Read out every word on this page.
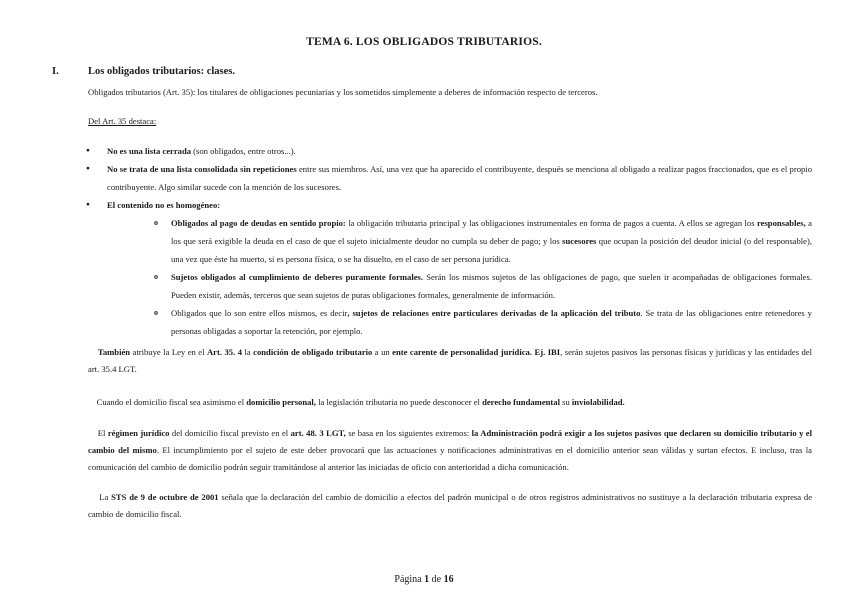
TEMA 6. LOS OBLIGADOS TRIBUTARIOS.
I.	Los obligados tributarios: clases.
Obligados tributarios (Art. 35): los titulares de obligaciones pecuniarias y los sometidos simplemente a deberes de información respecto de terceros.
Del Art. 35 destaca:
● No es una lista cerrada (son obligados, entre otros...).
● No se trata de una lista consolidada sin repeticiones entre sus miembros. Así, una vez que ha aparecido el contribuyente, después se menciona al obligado a realizar pagos fraccionados, que es el propio contribuyente. Algo similar sucede con la mención de los sucesores.
● El contenido no es homogéneo:
o Obligados al pago de deudas en sentido propio: la obligación tributaria principal y las obligaciones instrumentales en forma de pagos a cuenta. A ellos se agregan los responsables, a los que será exigible la deuda en el caso de que el sujeto inicialmente deudor no cumpla su deber de pago; y los sucesores que ocupan la posición del deudor inicial (o del responsable), una vez que éste ha muerto, si es persona física, o se ha disuelto, en el caso de ser persona jurídica.
o Sujetos obligados al cumplimiento de deberes puramente formales. Serán los mismos sujetos de las obligaciones de pago, que suelen ir acompañadas de obligaciones formales. Pueden existir, además, terceros que sean sujetos de puras obligaciones formales, generalmente de información.
o Obligados que lo son entre ellos mismos, es decir, sujetos de relaciones entre particulares derivadas de la aplicación del tributo. Se trata de las obligaciones entre retenedores y personas obligadas a soportar la retención, por ejemplo.
También atribuye la Ley en el Art. 35. 4 la condición de obligado tributario a un ente carente de personalidad jurídica. Ej. IBI, serán sujetos pasivos las personas físicas y jurídicas y las entidades del art. 35.4 LGT.
Cuando el domicilio fiscal sea asimismo el domicilio personal, la legislación tributaria no puede desconocer el derecho fundamental su inviolabilidad.
El régimen jurídico del domicilio fiscal previsto en el art. 48. 3 LGT, se basa en los siguientes extremos: la Administración podrá exigir a los sujetos pasivos que declaren su domicilio tributario y el cambio del mismo. El incumplimiento por el sujeto de este deber provocará que las actuaciones y notificaciones administrativas en el domicilio anterior sean válidas y surtan efectos. E incluso, tras la comunicación del cambio de domicilio podrán seguir tramitándose al anterior las iniciadas de oficio con anterioridad a dicha comunicación.
La STS de 9 de octubre de 2001 señala que la declaración del cambio de domicilio a efectos del padrón municipal o de otros registros administrativos no sustituye a la declaración tributaria expresa de cambio de domicilio fiscal.
Página 1 de 16
